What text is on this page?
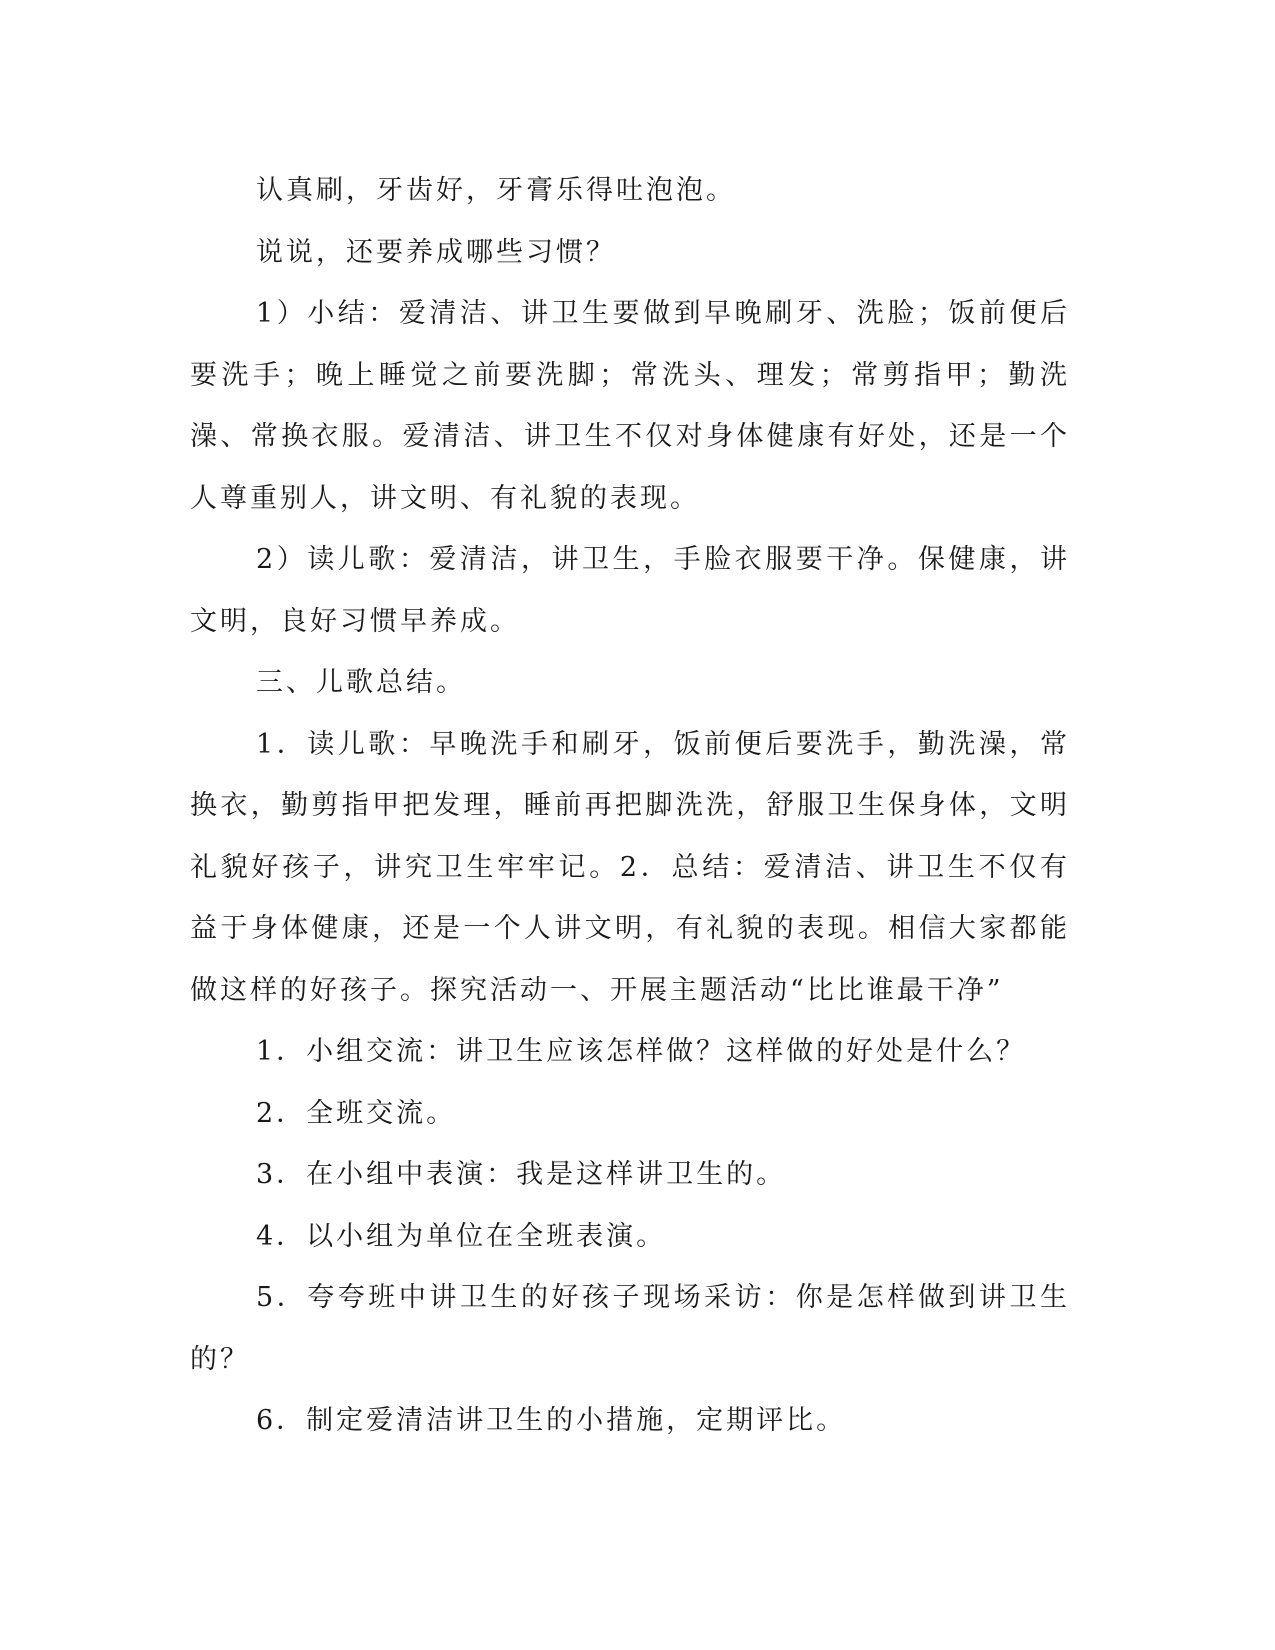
认真刷，牙齿好，牙膏乐得吐泡泡。

说说，还要养成哪些习惯？

1）小结：爱清洁、讲卫生要做到早晚刷牙、洗脸；饭前便后要洗手；晚上睡觉之前要洗脚；常洗头、理发；常剪指甲；勤洗澡、常换衣服。爱清洁、讲卫生不仅对身体健康有好处，还是一个人尊重别人，讲文明、有礼貌的表现。

2）读儿歌：爱清洁，讲卫生，手脸衣服要干净。保健康，讲文明，良好习惯早养成。

三、儿歌总结。

1．读儿歌：早晚洗手和刷牙，饭前便后要洗手，勤洗澡，常换衣，勤剪指甲把发理，睡前再把脚洗洗，舒服卫生保身体，文明礼貌好孩子，讲究卫生牢牢记。2．总结：爱清洁、讲卫生不仅有益于身体健康，还是一个人讲文明，有礼貌的表现。相信大家都能做这样的好孩子。探究活动一、开展主题活动“比比谁最干净”

1．小组交流：讲卫生应该怎样做？这样做的好处是什么？

2．全班交流。

3．在小组中表演：我是这样讲卫生的。

4．以小组为单位在全班表演。

5．夸夸班中讲卫生的好孩子现场采访：你是怎样做到讲卫生的？

6．制定爱清洁讲卫生的小措施，定期评比。
